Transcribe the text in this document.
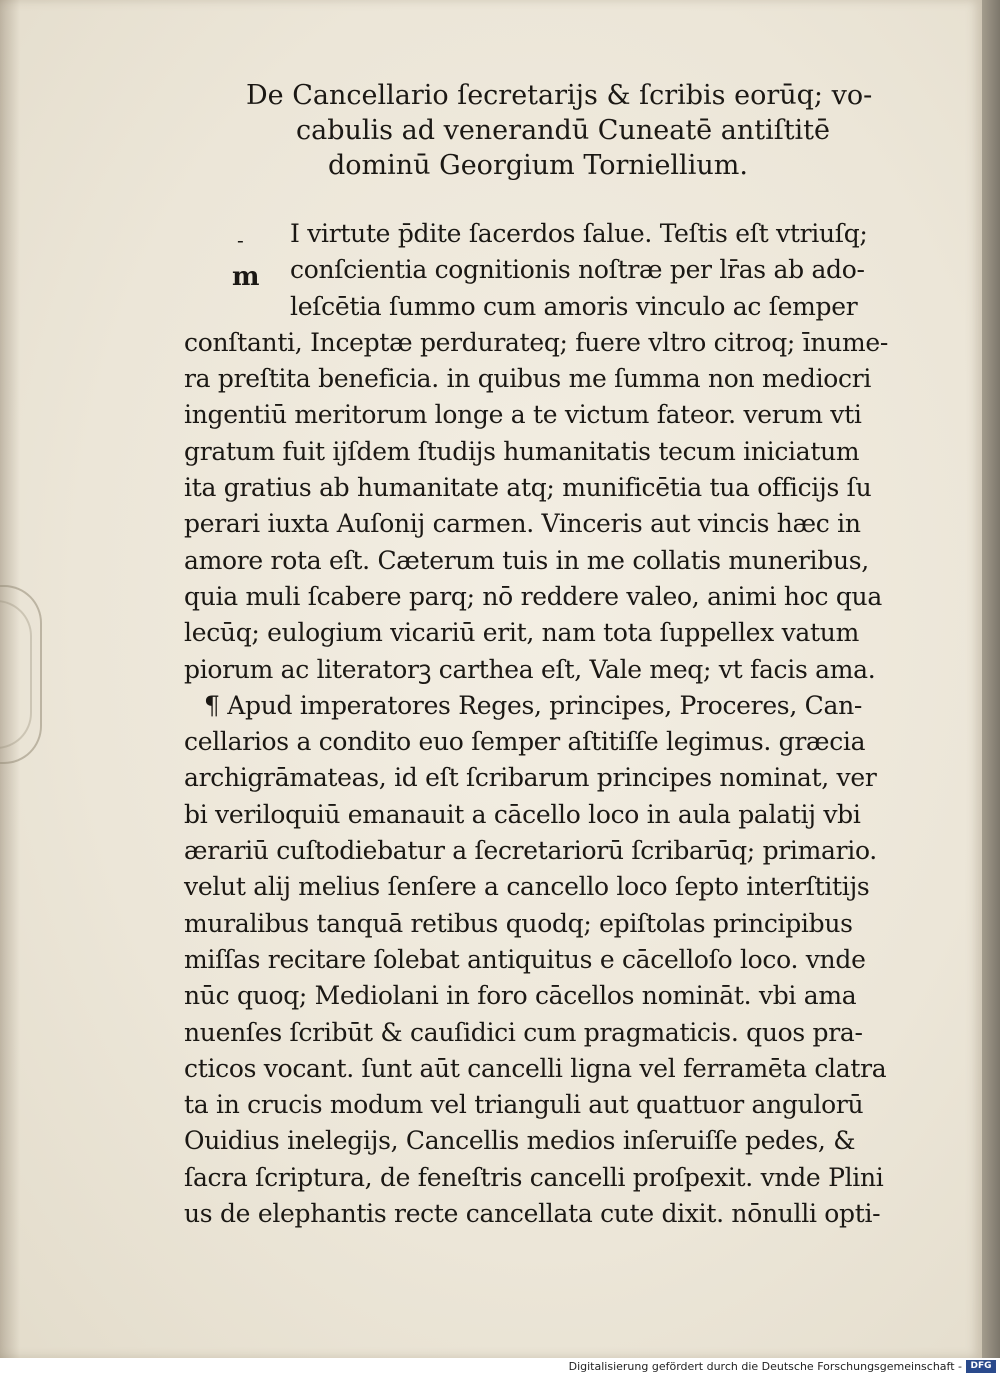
De Cancellario ſecretarijs & ſcribis eorūq; vo-
cabulis ad venerandū Cuneatē antiſtitē
dominū Georgium Torniellium.
-
m
I virtute p̄dite ſacerdos ſalue. Teſtis eſt vtriuſq;
conſcientia cognitionis noſtræ per lr̄as ab ado-
leſcētia ſummo cum amoris vinculo ac ſemper
conſtanti, Inceptæ perdurateq; fuere vltro citroq; īnume-
ra preſtita beneficia. in quibus me ſumma non mediocri
ingentiū meritorum longe a te victum fateor. verum vti
gratum fuit ijſdem ſtudijs humanitatis tecum iniciatum
ita gratius ab humanitate atq; munificētia tua officijs ſu
perari iuxta Auſonij carmen. Vinceris aut vincis hæc in
amore rota eſt. Cæterum tuis in me collatis muneribus,
quia muli ſcabere parq; nō reddere valeo, animi hoc qua
lecūq; eulogium vicariū erit, nam tota ſuppellex vatum
piorum ac literatorꝫ carthea eſt, Vale meq; vt facis ama.
¶ Apud imperatores Reges, principes, Proceres, Can-
cellarios a condito euo ſemper aſtitiſſe legimus. græcia
archigrāmateas, id eſt ſcribarum principes nominat, ver
bi veriloquiū emanauit a cācello loco in aula palatij vbi
ærariū cuſtodiebatur a ſecretariorū ſcribarūq; primario.
velut alij melius ſenſere a cancello loco ſepto interſtitijs
muralibus tanquā retibus quodq; epiſtolas principibus
miſſas recitare ſolebat antiquitus e cācelloſo loco. vnde
nūc quoq; Mediolani in foro cācellos nomināt. vbi ama
nuenſes ſcribūt & cauſidici cum pragmaticis. quos pra-
cticos vocant. ſunt aūt cancelli ligna vel ferramēta clatra
ta in crucis modum vel trianguli aut quattuor angulorū
Ouidius inelegijs, Cancellis medios inſeruiſſe pedes, &
ſacra ſcriptura, de feneſtris cancelli proſpexit. vnde Plini
us de elephantis recte cancellata cute dixit. nōnulli opti-
Digitalisierung gefördert durch die Deutsche Forschungsgemeinschaft - DFG
